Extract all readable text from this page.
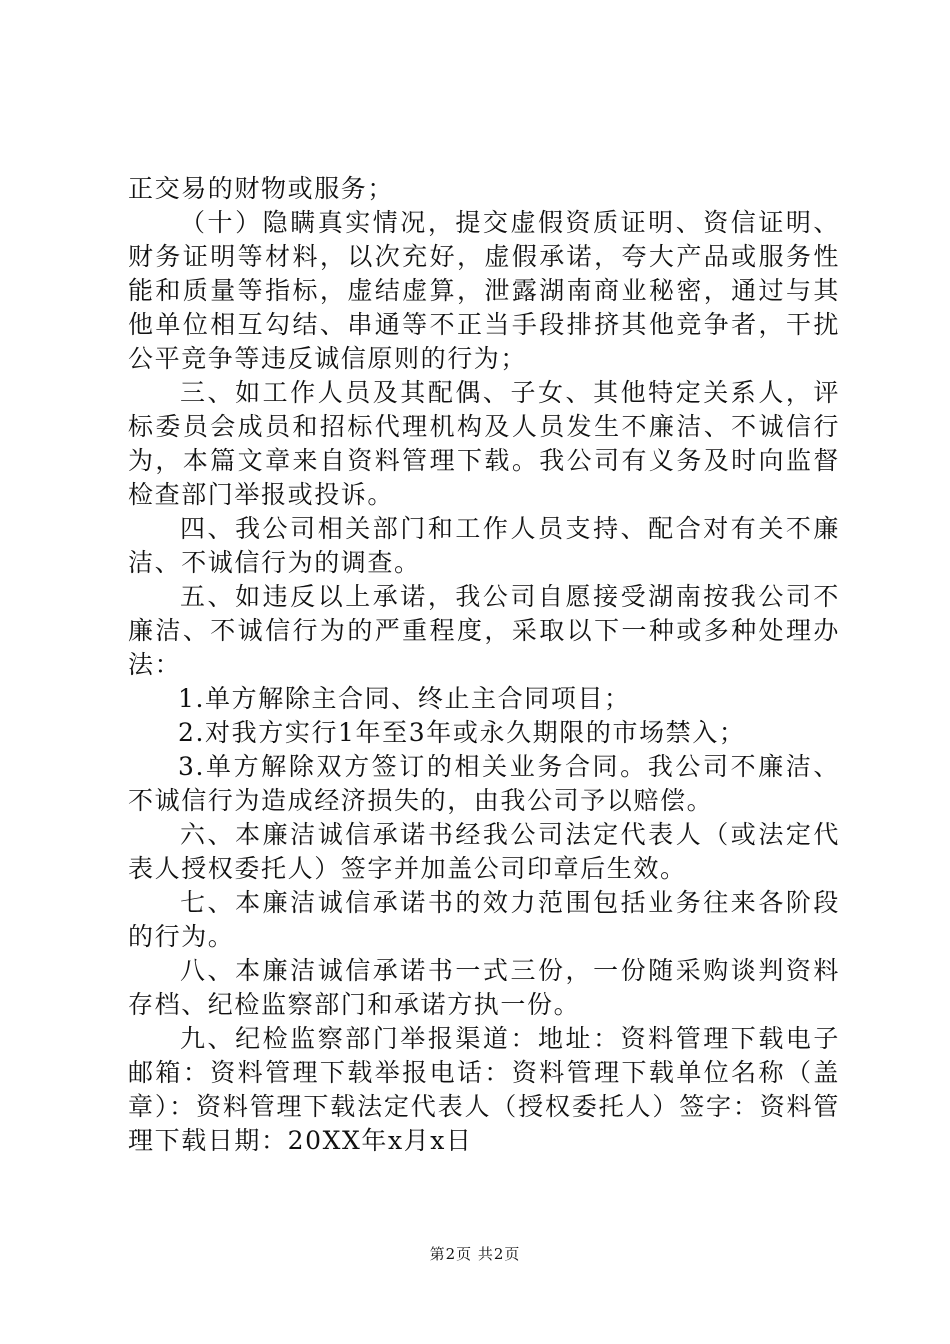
正交易的财物或服务；

（十）隐瞒真实情况，提交虚假资质证明、资信证明、财务证明等材料，以次充好，虚假承诺，夸大产品或服务性能和质量等指标，虚结虚算，泄露湖南商业秘密，通过与其他单位相互勾结、串通等不正当手段排挤其他竞争者，干扰公平竞争等违反诚信原则的行为；

三、如工作人员及其配偶、子女、其他特定关系人，评标委员会成员和招标代理机构及人员发生不廉洁、不诚信行为，本篇文章来自资料管理下载。我公司有义务及时向监督检查部门举报或投诉。

四、我公司相关部门和工作人员支持、配合对有关不廉洁、不诚信行为的调查。

五、如违反以上承诺，我公司自愿接受湖南按我公司不廉洁、不诚信行为的严重程度，采取以下一种或多种处理办法：

1.单方解除主合同、终止主合同项目；

2.对我方实行1年至3年或永久期限的市场禁入；

3.单方解除双方签订的相关业务合同。我公司不廉洁、不诚信行为造成经济损失的，由我公司予以赔偿。

六、本廉洁诚信承诺书经我公司法定代表人（或法定代表人授权委托人）签字并加盖公司印章后生效。

七、本廉洁诚信承诺书的效力范围包括业务往来各阶段的行为。

八、本廉洁诚信承诺书一式三份，一份随采购谈判资料存档、纪检监察部门和承诺方执一份。

九、纪检监察部门举报渠道：地址：资料管理下载电子邮箱：资料管理下载举报电话：资料管理下载单位名称（盖章）：资料管理下载法定代表人（授权委托人）签字：资料管理下载日期：20XX年x月x日

第2页 共2页
